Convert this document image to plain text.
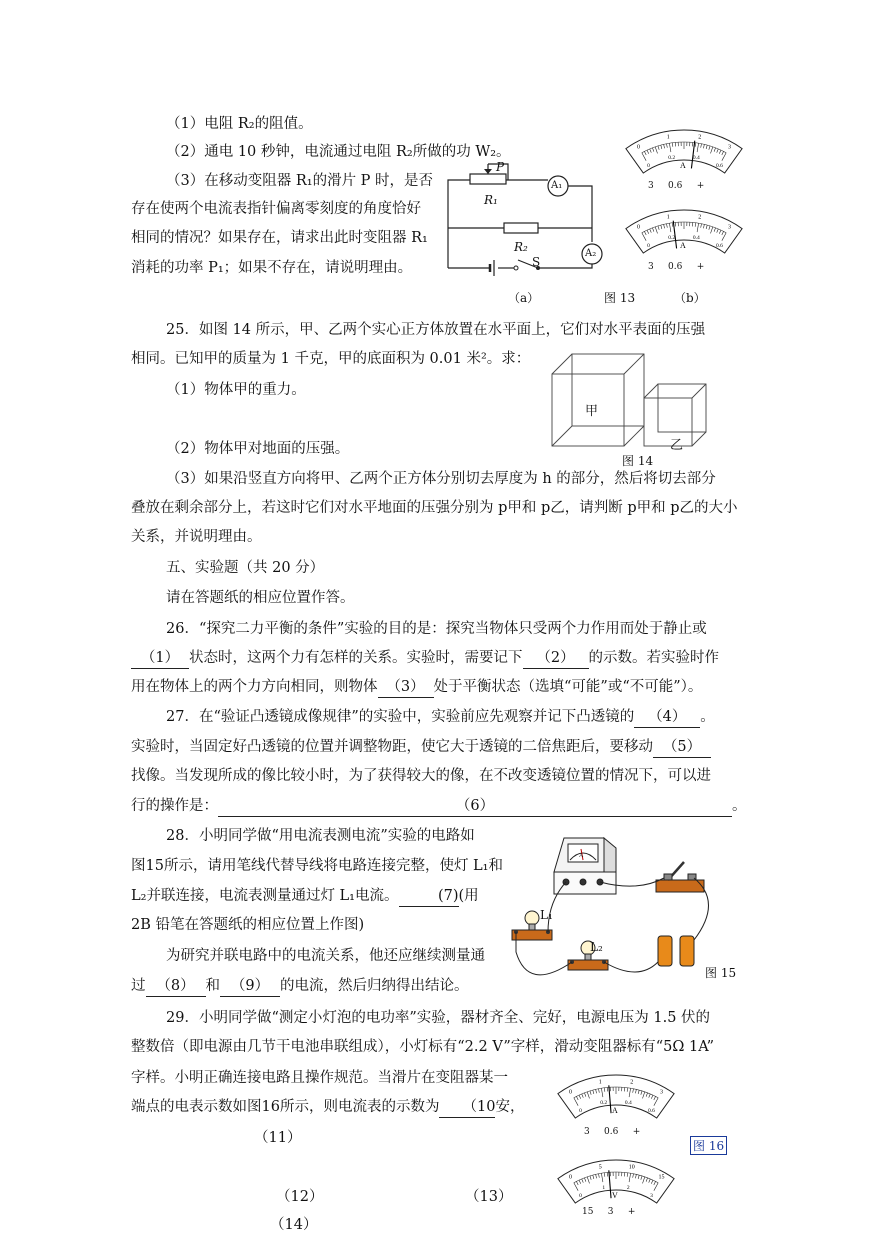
（1）电阻 R₂的阻值。
（2）通电 10 秒钟，电流通过电阻 R₂所做的功 W₂。
（3）在移动变阻器 R₁的滑片 P 时，是否
存在使两个电流表指针偏离零刻度的角度恰好
相同的情况？如果存在，请求出此时变阻器 R₁
消耗的功率 P₁；如果不存在，请说明理由。
P
R₁
R₂
S
A₁
A₂
（a）	图 13	（b）
0
1	2
3
0.2	0.4
0.6
0	A
3 0.6 +
0
1	2
3
0.2	0.4
0.6
0	A
3 0.6 +
25．如图 14 所示，甲、乙两个实心正方体放置在水平面上，它们对水平表面的压强
相同。已知甲的质量为 1 千克，甲的底面积为 0.01 米²。求：
（1）物体甲的重力。
（2）物体甲对地面的压强。
（3）如果沿竖直方向将甲、乙两个正方体分别切去厚度为 h 的部分，然后将切去部分
叠放在剩余部分上，若这时它们对水平地面的压强分别为 p甲和 p乙，请判断 p甲和 p乙的大小
关系，并说明理由。
甲
乙
图 14
五、实验题（共 20 分）
请在答题纸的相应位置作答。
26．“探究二力平衡的条件”实验的目的是：探究当物体只受两个力作用而处于静止或
（1） 状态时，这两个力有怎样的关系。实验时，需要记下 （2） 的示数。若实验时作
用在物体上的两个力方向相同，则物体 （3） 处于平衡状态（选填“可能”或“不可能”）。
27．在“验证凸透镜成像规律”的实验中，实验前应先观察并记下凸透镜的 （4） 。
实验时，当固定好凸透镜的位置并调整物距，使它大于透镜的二倍焦距后，要移动 （5）
找像。当发现所成的像比较小时，为了获得较大的像，在不改变透镜位置的情况下，可以进
行的操作是：	（6）	。
28．小明同学做“用电流表测电流”实验的电路如
图15所示，请用笔线代替导线将电路连接完整，使灯 L₁和
L₂并联连接，电流表测量通过灯 L₁电流。	(7)(用
2B 铅笔在答题纸的相应位置上作图)
为研究并联电路中的电流关系，他还应继续测量通
过 （8） 和 （9） 的电流，然后归纳得出结论。
A
L₁
L₂
图 15
29．小明同学做“测定小灯泡的电功率”实验，器材齐全、完好，电源电压为 1.5 伏的
整数倍（即电源由几节干电池串联组成），小灯标有“2.2 V”字样，滑动变阻器标有“5Ω 1A”
字样。小明正确连接电路且操作规范。当滑片在变阻器某一
端点的电表示数如图16所示，则电流表的示数为 （10安，
（11）
（12）	（13）
（14）
0
1	2
3
0.2	0.4
0.6
0	A
3 0.6 +
图 16
0
5	10
15
1	2
3
0	V
15 3 +
